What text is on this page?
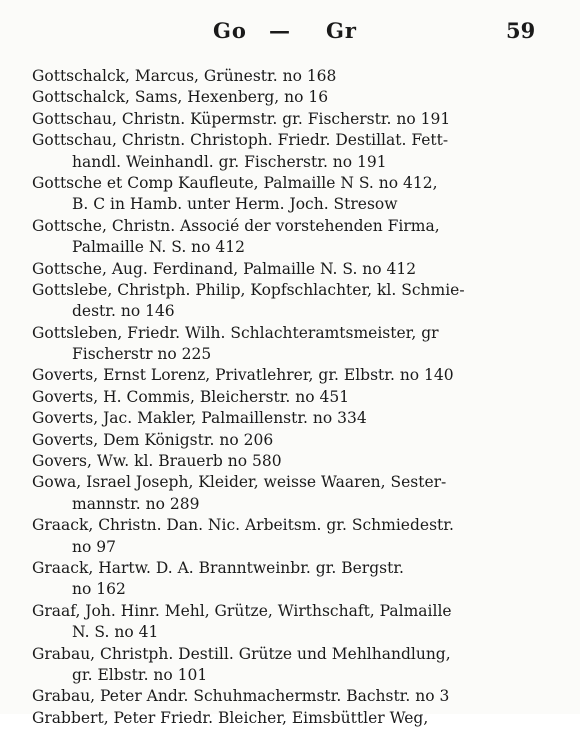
Go — Gr	59
Gottschalck, Marcus, Grünestr. no 168
Gottschalck, Sams, Hexenberg, no 16
Gottschau, Christn. Küpermstr. gr. Fischerstr. no 191
Gottschau, Christn. Christoph. Friedr. Destillat. Fett-
handl. Weinhandl. gr. Fischerstr. no 191
Gottsche et Comp Kaufleute, Palmaille N S. no 412,
B. C in Hamb. unter Herm. Joch. Stresow
Gottsche, Christn. Associé der vorstehenden Firma,
Palmaille N. S. no 412
Gottsche, Aug. Ferdinand, Palmaille N. S. no 412
Gottslebe, Christph. Philip, Kopfschlachter, kl. Schmie-
destr. no 146
Gottsleben, Friedr. Wilh. Schlachteramtsmeister, gr
Fischerstr no 225
Goverts, Ernst Lorenz, Privatlehrer, gr. Elbstr. no 140
Goverts, H. Commis, Bleicherstr. no 451
Goverts, Jac. Makler, Palmaillenstr. no 334
Goverts, Dem Königstr. no 206
Govers, Ww. kl. Brauerb no 580
Gowa, Israel Joseph, Kleider, weisse Waaren, Sester-
mannstr. no 289
Graack, Christn. Dan. Nic. Arbeitsm. gr. Schmiedestr.
no 97
Graack, Hartw. D. A. Branntweinbr. gr. Bergstr.
no 162
Graaf, Joh. Hinr. Mehl, Grütze, Wirthschaft, Palmaille
N. S. no 41
Grabau, Christph. Destill. Grütze und Mehlhandlung,
gr. Elbstr. no 101
Grabau, Peter Andr. Schuhmachermstr. Bachstr. no 3
Grabbert, Peter Friedr. Bleicher, Eimsbüttler Weg,
